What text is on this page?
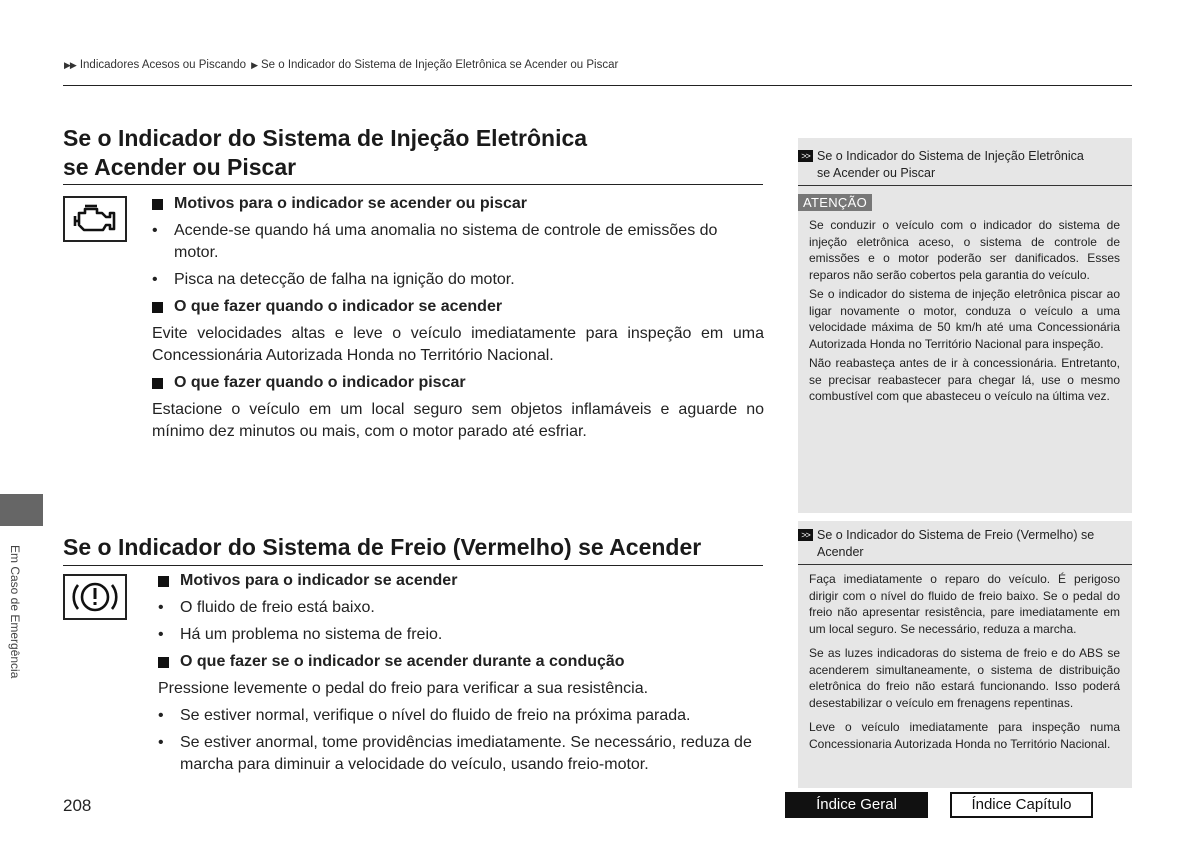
▶▶ Indicadores Acesos ou Piscando ▶ Se o Indicador do Sistema de Injeção Eletrônica se Acender ou Piscar
Em Caso de Emergência
Se o Indicador do Sistema de Injeção Eletrônica
se Acender ou Piscar

Motivos para o indicador se acender ou piscar

•	Acende-se quando há uma anomalia no sistema de controle de emissões do motor.

•	Pisca na detecção de falha na ignição do motor.

O que fazer quando o indicador se acender

Evite velocidades altas e leve o veículo imediatamente para inspeção em uma Concessionária Autorizada Honda no Território Nacional.

O que fazer quando o indicador piscar

Estacione o veículo em um local seguro sem objetos inflamáveis e aguarde no mínimo dez minutos ou mais, com o motor parado até esfriar.

Se o Indicador do Sistema de Freio (Vermelho) se Acender

Motivos para o indicador se acender

•	O fluido de freio está baixo.

•	Há um problema no sistema de freio.

O que fazer se o indicador se acender durante a condução

Pressione levemente o pedal do freio para verificar a sua resistência.

•	Se estiver normal, verifique o nível do fluido de freio na próxima parada.

•	Se estiver anormal, tome providências imediatamente. Se necessário, reduza de marcha para diminuir a velocidade do veículo, usando freio-motor.

>> Se o Indicador do Sistema de Injeção Eletrônica
se Acender ou Piscar
ATENÇÃO

Se conduzir o veículo com o indicador do sistema de injeção eletrônica aceso, o sistema de controle de emissões e o motor poderão ser danificados. Esses reparos não serão cobertos pela garantia do veículo.

Se o indicador do sistema de injeção eletrônica piscar ao ligar novamente o motor, conduza o veículo a uma velocidade máxima de 50 km/h até uma Concessionária Autorizada Honda no Território Nacional para inspeção.

Não reabasteça antes de ir à concessionária. Entretanto, se precisar reabastecer para chegar lá, use o mesmo combustível com que abasteceu o veículo na última vez.

>> Se o Indicador do Sistema de Freio (Vermelho) se
Acender

Faça imediatamente o reparo do veículo. É perigoso dirigir com o nível do fluido de freio baixo. Se o pedal do freio não apresentar resistência, pare imediatamente em um local seguro. Se necessário, reduza a marcha.

Se as luzes indicadoras do sistema de freio e do ABS se acenderem simultaneamente, o sistema de distribuição eletrônica do freio não estará funcionando. Isso poderá desestabilizar o veículo em frenagens repentinas.

Leve o veículo imediatamente para inspeção numa Concessionaria Autorizada Honda no Território Nacional.

208	Índice Geral	Índice Capítulo
